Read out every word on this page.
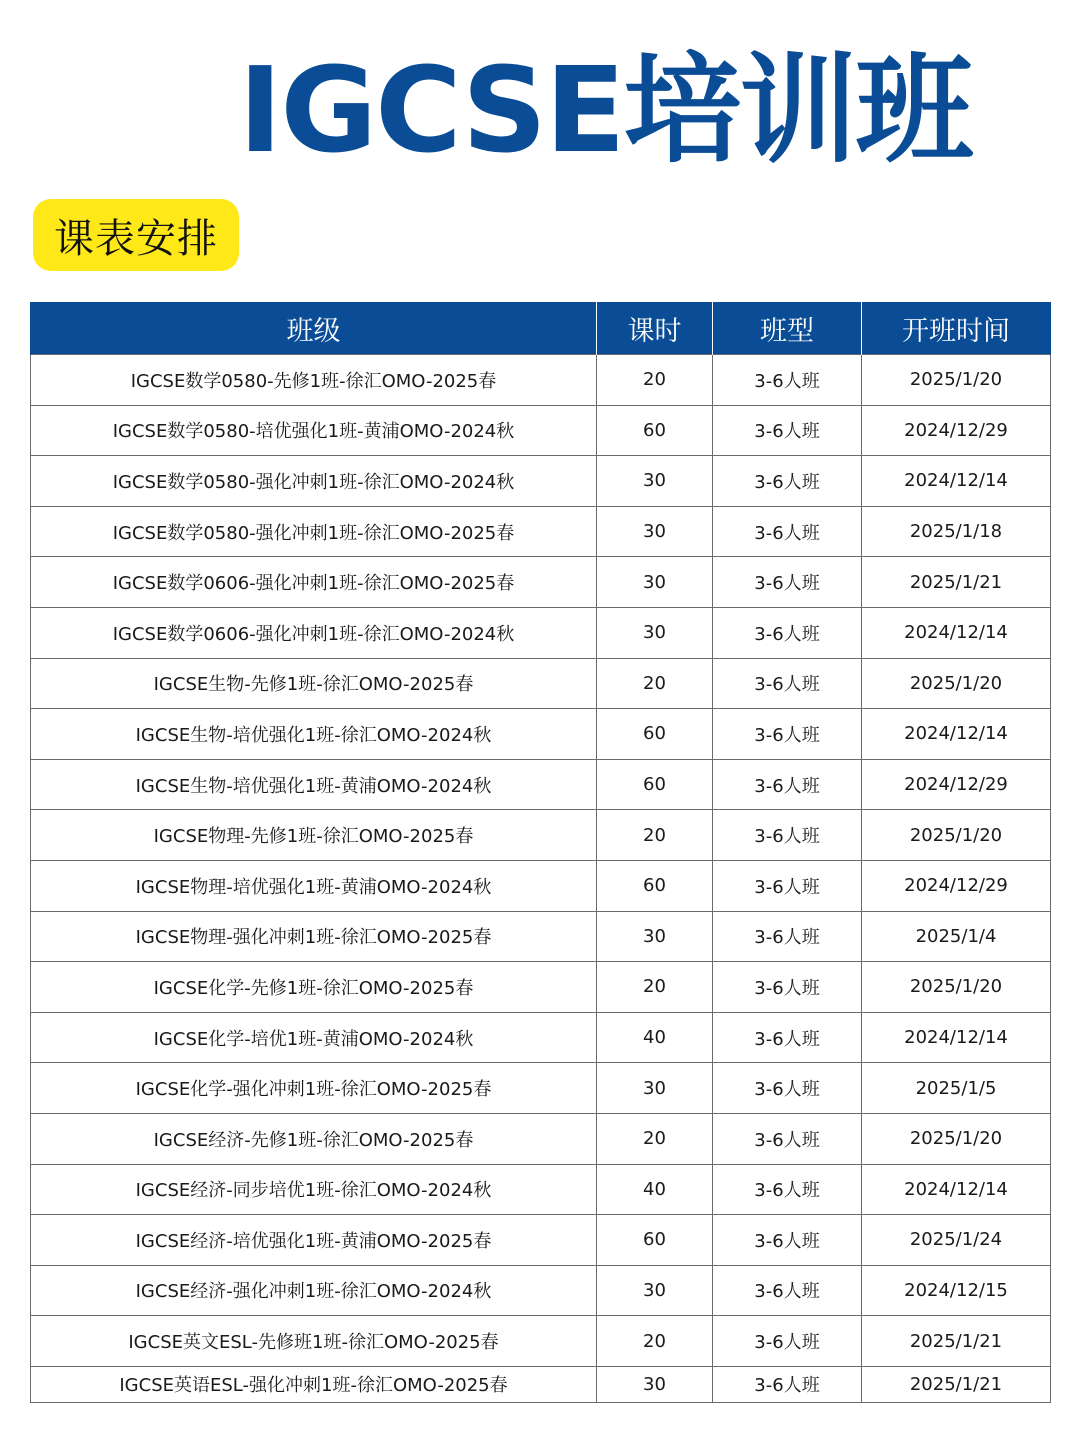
IGCSE培训班
课表安排
班级	课时	班型	开班时间
IGCSE数学0580-先修1班-徐汇OMO-2025春	20	3-6人班	2025/1/20
IGCSE数学0580-培优强化1班-黄浦OMO-2024秋	60	3-6人班	2024/12/29
IGCSE数学0580-强化冲刺1班-徐汇OMO-2024秋	30	3-6人班	2024/12/14
IGCSE数学0580-强化冲刺1班-徐汇OMO-2025春	30	3-6人班	2025/1/18
IGCSE数学0606-强化冲刺1班-徐汇OMO-2025春	30	3-6人班	2025/1/21
IGCSE数学0606-强化冲刺1班-徐汇OMO-2024秋	30	3-6人班	2024/12/14
IGCSE生物-先修1班-徐汇OMO-2025春	20	3-6人班	2025/1/20
IGCSE生物-培优强化1班-徐汇OMO-2024秋	60	3-6人班	2024/12/14
IGCSE生物-培优强化1班-黄浦OMO-2024秋	60	3-6人班	2024/12/29
IGCSE物理-先修1班-徐汇OMO-2025春	20	3-6人班	2025/1/20
IGCSE物理-培优强化1班-黄浦OMO-2024秋	60	3-6人班	2024/12/29
IGCSE物理-强化冲刺1班-徐汇OMO-2025春	30	3-6人班	2025/1/4
IGCSE化学-先修1班-徐汇OMO-2025春	20	3-6人班	2025/1/20
IGCSE化学-培优1班-黄浦OMO-2024秋	40	3-6人班	2024/12/14
IGCSE化学-强化冲刺1班-徐汇OMO-2025春	30	3-6人班	2025/1/5
IGCSE经济-先修1班-徐汇OMO-2025春	20	3-6人班	2025/1/20
IGCSE经济-同步培优1班-徐汇OMO-2024秋	40	3-6人班	2024/12/14
IGCSE经济-培优强化1班-黄浦OMO-2025春	60	3-6人班	2025/1/24
IGCSE经济-强化冲刺1班-徐汇OMO-2024秋	30	3-6人班	2024/12/15
IGCSE英文ESL-先修班1班-徐汇OMO-2025春	20	3-6人班	2025/1/21
IGCSE英语ESL-强化冲刺1班-徐汇OMO-2025春	30	3-6人班	2025/1/21
